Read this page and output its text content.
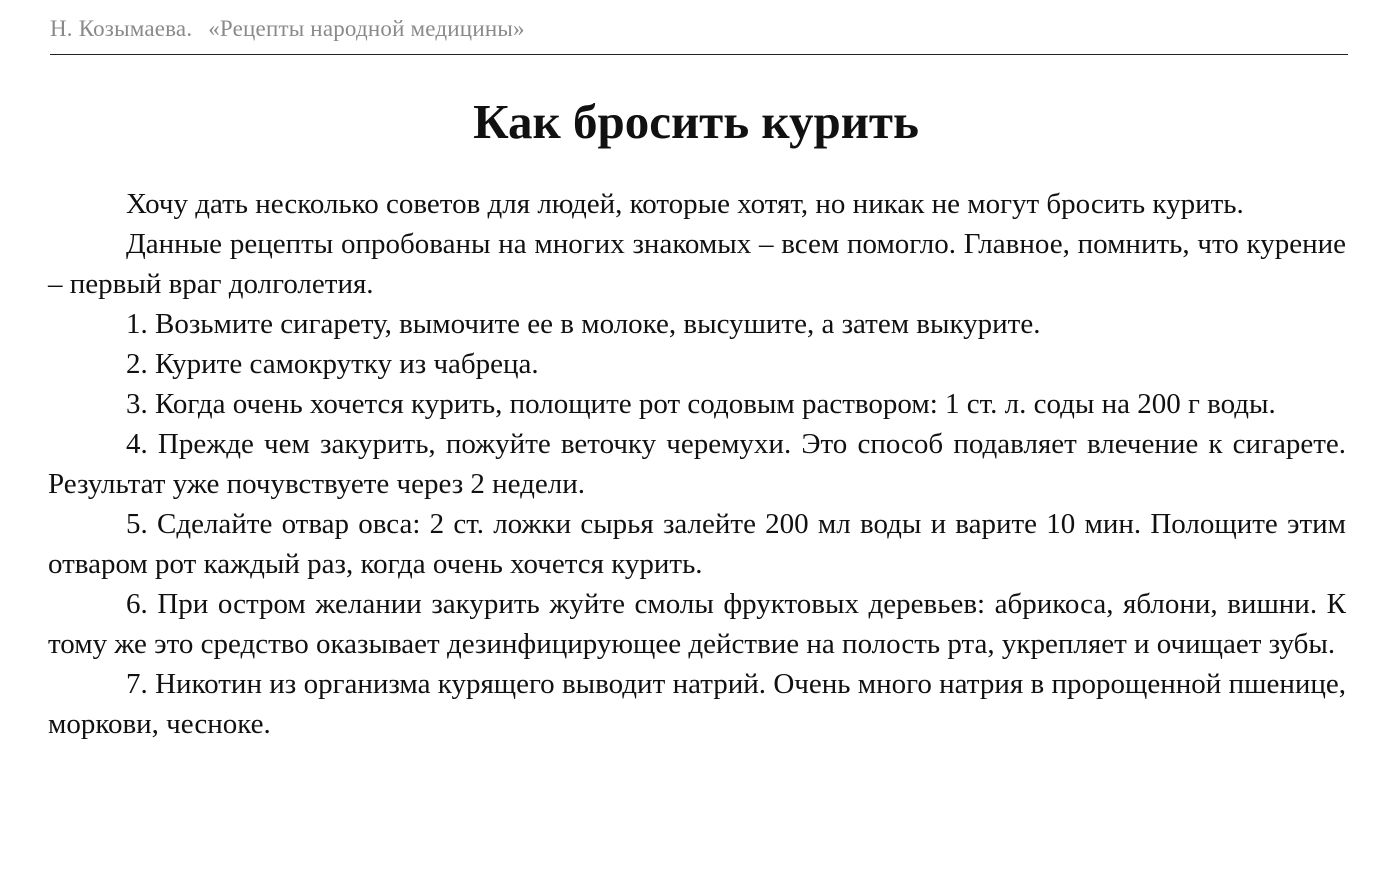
Н. Козымаева. «Рецепты народной медицины»
Как бросить курить

Хочу дать несколько советов для людей, которые хотят, но никак не могут бросить курить.

Данные рецепты опробованы на многих знакомых – всем помогло. Главное, помнить, что курение – первый враг долголетия.

1. Возьмите сигарету, вымочите ее в молоке, высушите, а затем выкурите.

2. Курите самокрутку из чабреца.

3. Когда очень хочется курить, полощите рот содовым раствором: 1 ст. л. соды на 200 г воды.

4. Прежде чем закурить, пожуйте веточку черемухи. Это способ подавляет влечение к сигарете. Результат уже почувствуете через 2 недели.

5. Сделайте отвар овса: 2 ст. ложки сырья залейте 200 мл воды и варите 10 мин. Полощите этим отваром рот каждый раз, когда очень хочется курить.

6. При остром желании закурить жуйте смолы фруктовых деревьев: абрикоса, яблони, вишни. К тому же это средство оказывает дезинфицирующее действие на полость рта, укрепляет и очищает зубы.

7. Никотин из организма курящего выводит натрий. Очень много натрия в пророщенной пшенице, моркови, чесноке.
